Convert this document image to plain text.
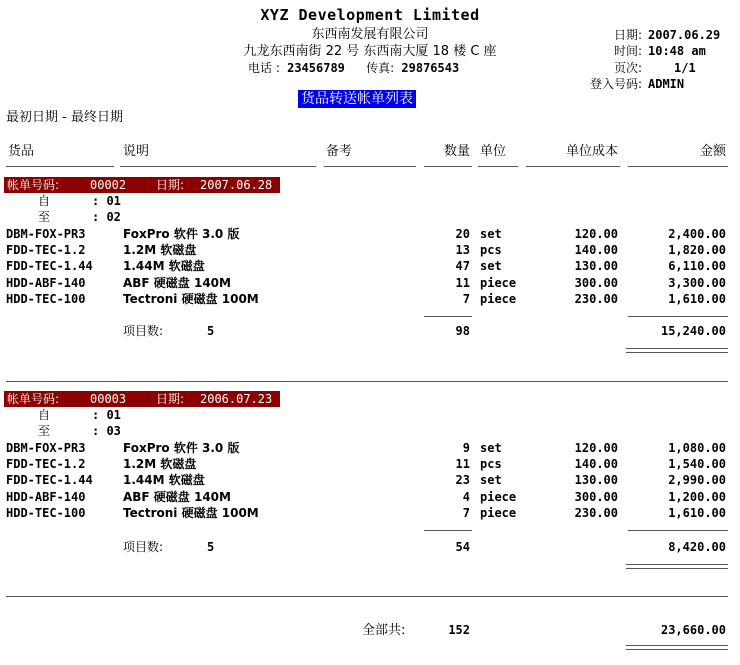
XYZ Development Limited
东西南发展有限公司
九龙东西南街 22 号 东西南大厦 18 楼 C 座
电话 : 23456789 传真: 29876543
日期: 2007.06.29
时间: 10:48 am
页次:	1/1
登入号码: ADMIN
货品转送帐单列表
最初日期 - 最终日期
货品	说明	备考	数量 单位	单位成本	金额
帐单号码:	00002 日期: 2007.06.28
自	: 01
至	: 02
DBM-FOX-PR3	FoxPro 软件 3.0 版	20 set	120.00	2,400.00
FDD-TEC-1.2	1.2M 软磁盘	13 pcs	140.00	1,820.00
FDD-TEC-1.44	1.44M 软磁盘	47 set	130.00	6,110.00
HDD-ABF-140	ABF 硬磁盘 140M	11 piece	300.00	3,300.00
HDD-TEC-100	Tectroni 硬磁盘 100M	7 piece	230.00	1,610.00
项目数:	5	98	15,240.00
帐单号码:	00003 日期: 2006.07.23
自	: 01
至	: 03
DBM-FOX-PR3	FoxPro 软件 3.0 版	9 set	120.00	1,080.00
FDD-TEC-1.2	1.2M 软磁盘	11 pcs	140.00	1,540.00
FDD-TEC-1.44	1.44M 软磁盘	23 set	130.00	2,990.00
HDD-ABF-140	ABF 硬磁盘 140M	4 piece	300.00	1,200.00
HDD-TEC-100	Tectroni 硬磁盘 100M	7 piece	230.00	1,610.00
项目数:	5	54	8,420.00
全部共:	152	23,660.00
